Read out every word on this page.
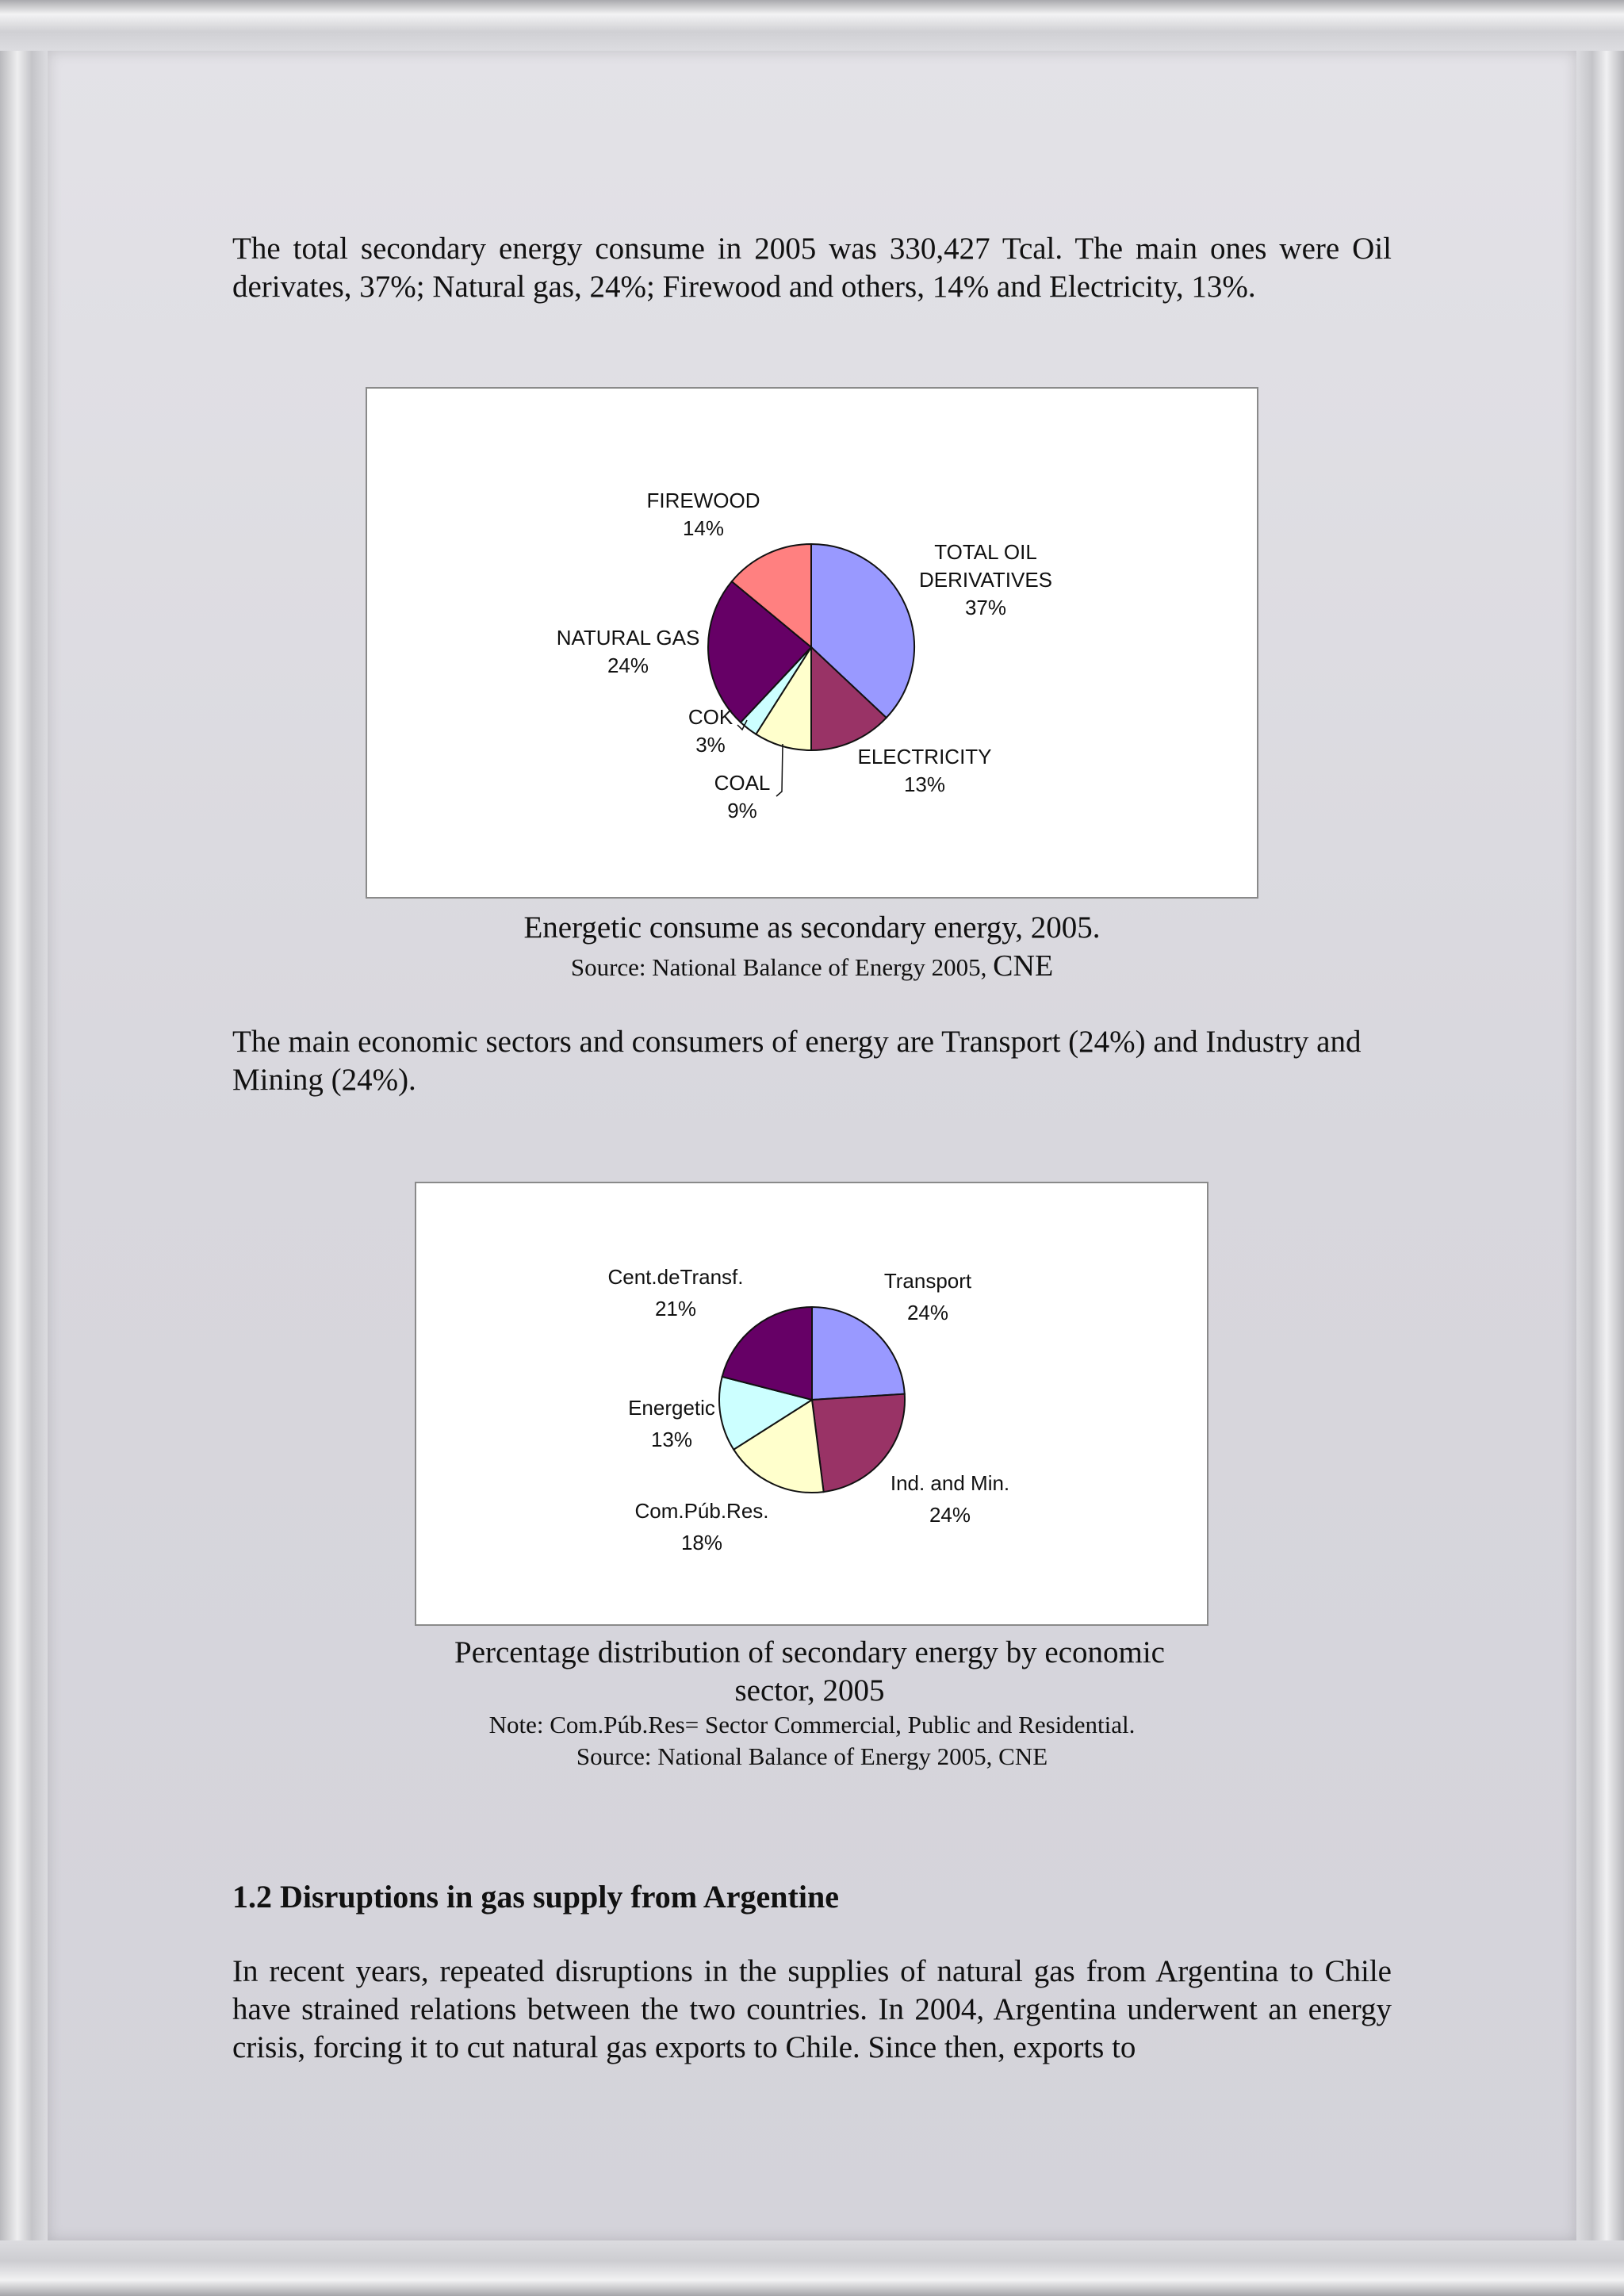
The total secondary energy consume in 2005 was 330,427 Tcal. The main ones were Oil derivates, 37%; Natural gas, 24%; Firewood and others, 14% and Electricity, 13%.

TOTAL OIL
DERIVATIVES
37%
ELECTRICITY
13%
COAL
9%
COK
3%
NATURAL GAS
24%
FIREWOOD
14%

Energetic consume as secondary energy, 2005.

Source: National Balance of Energy 2005, CNE

The main economic sectors and consumers of energy are Transport (24%) and Industry and Mining (24%).

Transport
24%
Ind. and Min.
24%
Com.Púb.Res.
18%
Energetic
13%
Cent.deTransf.
21%

Percentage distribution of secondary energy by economic

sector, 2005

Note: Com.Púb.Res= Sector Commercial, Public and Residential.

Source: National Balance of Energy 2005, CNE

1.2 Disruptions in gas supply from Argentine

In recent years, repeated disruptions in the supplies of natural gas from Argentina to Chile have strained relations between the two countries. In 2004, Argentina underwent an energy crisis, forcing it to cut natural gas exports to Chile. Since then, exports to
